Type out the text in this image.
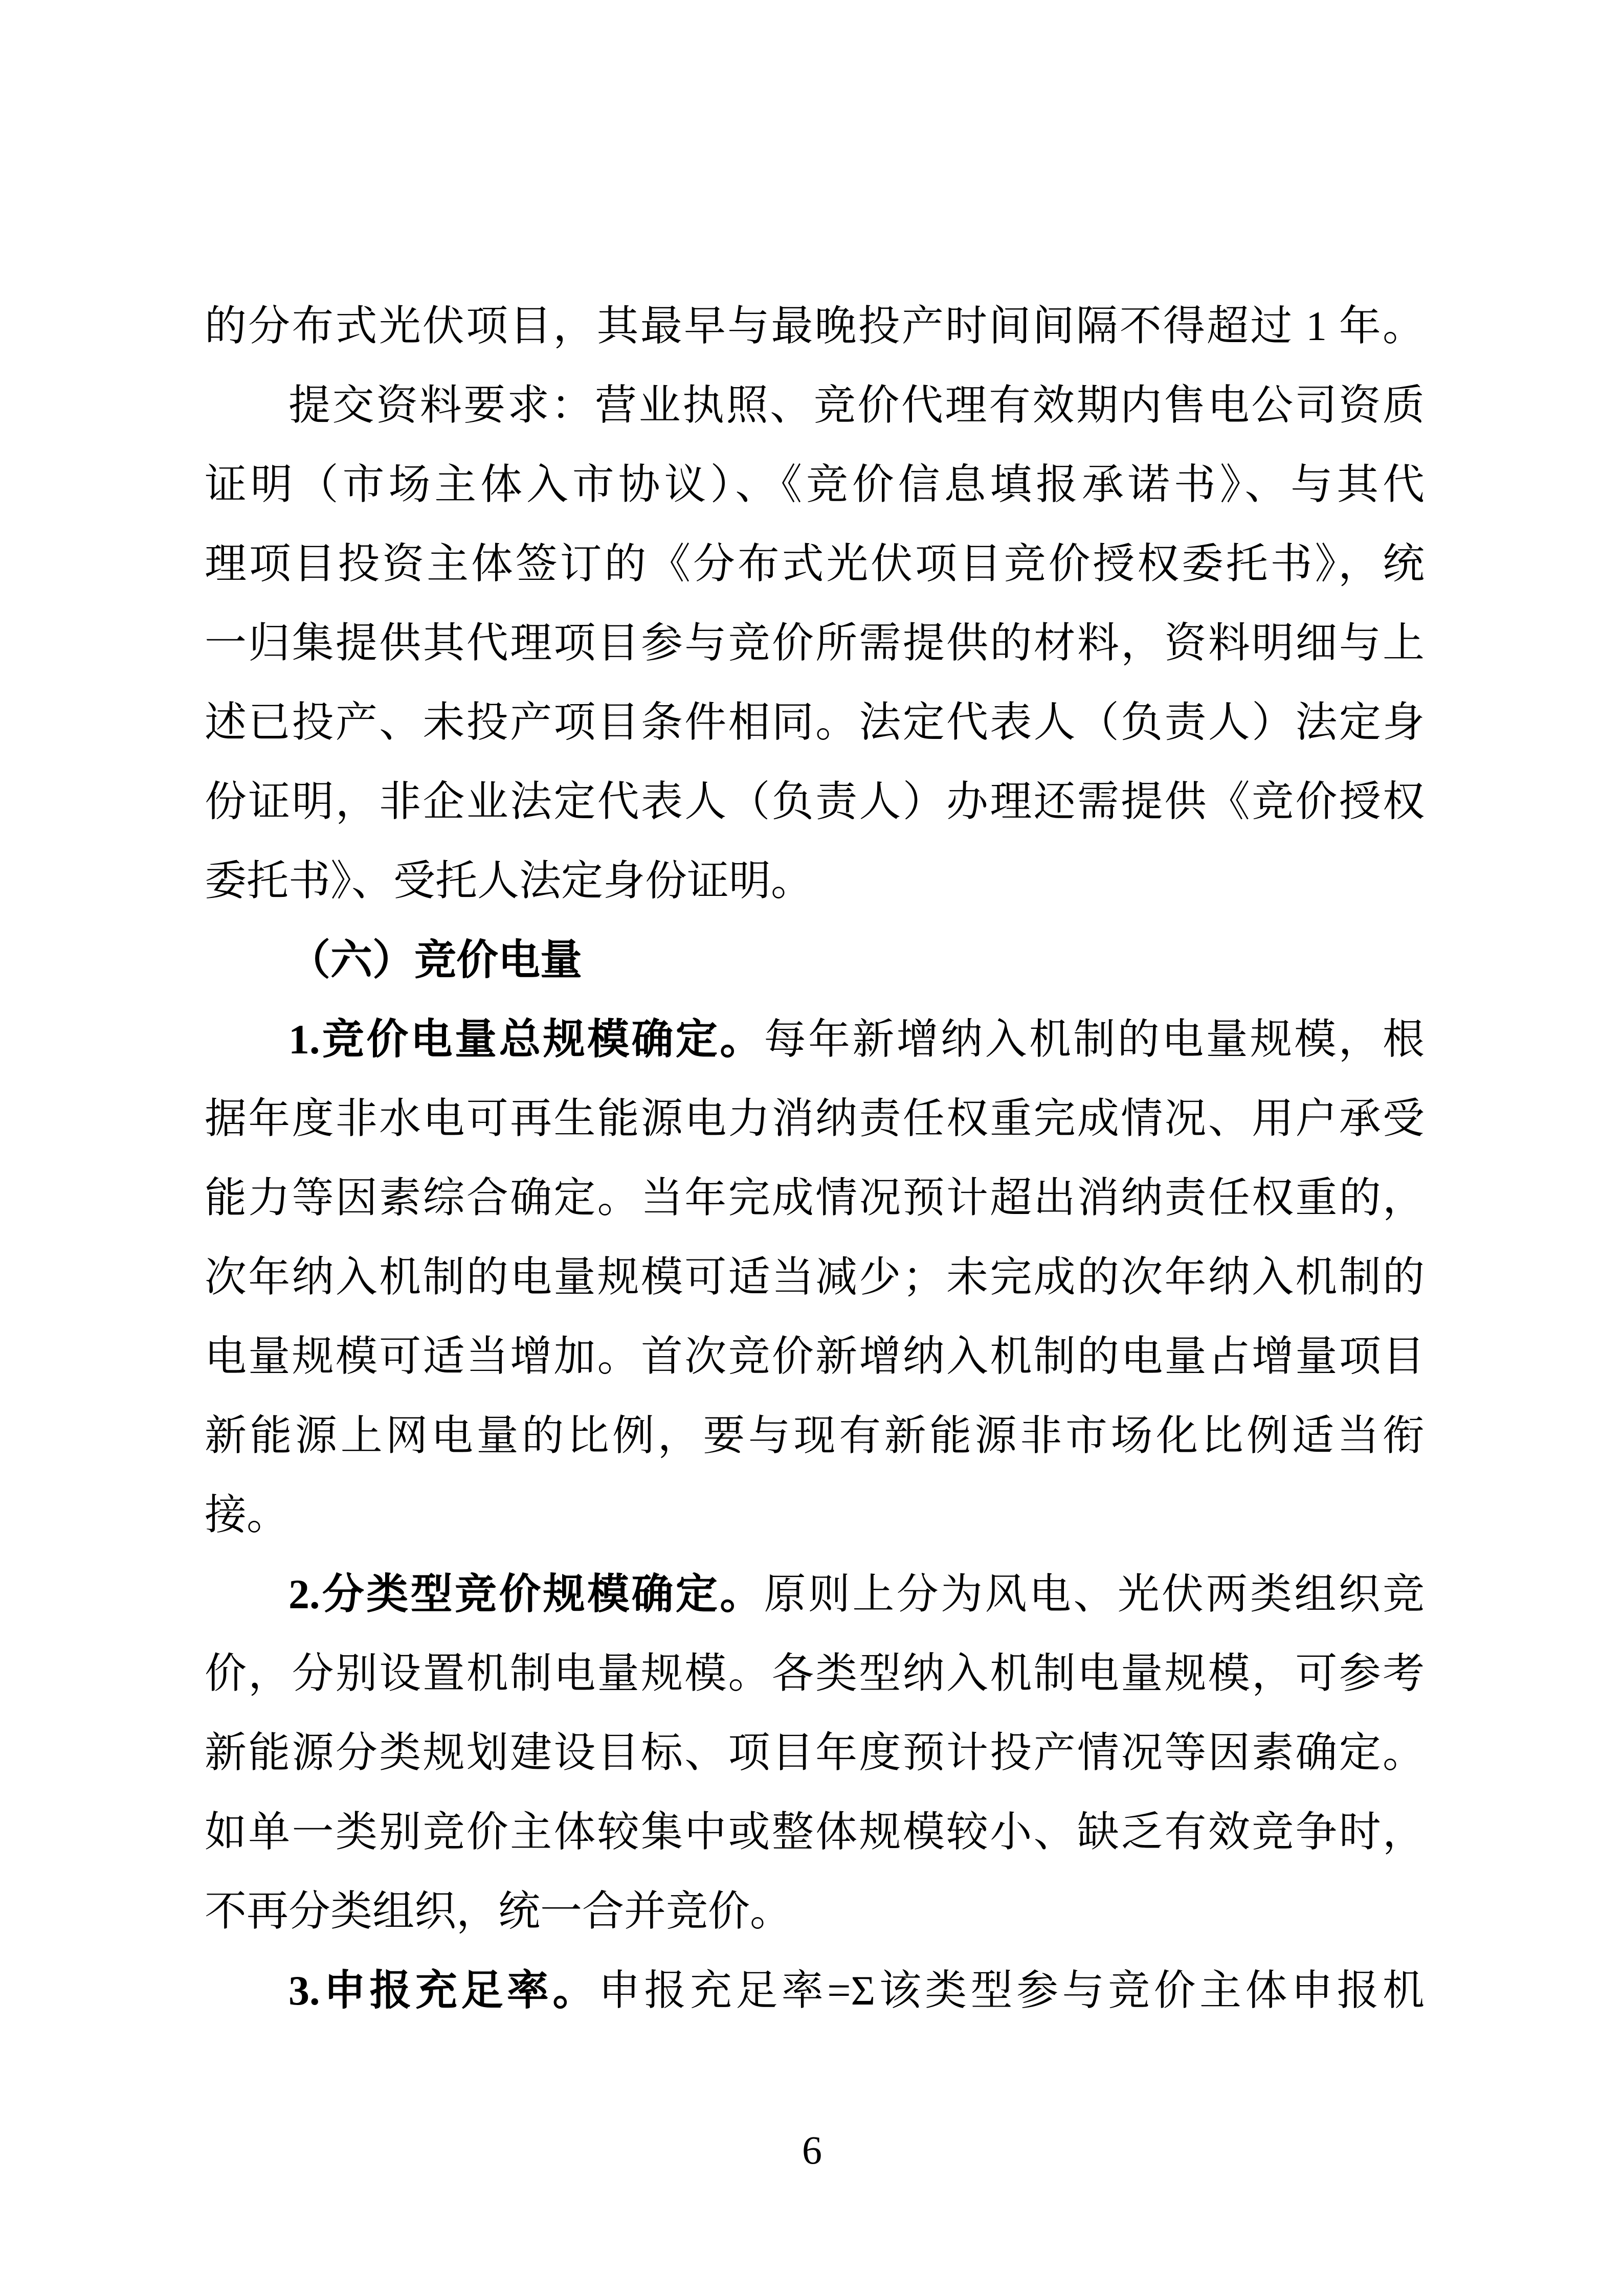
的分布式光伏项目，其最早与最晚投产时间间隔不得超过 1 年。
提交资料要求：营业执照、竞价代理有效期内售电公司资质
证明（市场主体入市协议）、《竞价信息填报承诺书》、与其代
理项目投资主体签订的《分布式光伏项目竞价授权委托书》，统
一归集提供其代理项目参与竞价所需提供的材料，资料明细与上
述已投产、未投产项目条件相同。法定代表人（负责人）法定身
份证明，非企业法定代表人（负责人）办理还需提供《竞价授权
委托书》、受托人法定身份证明。
（六）竞价电量
1.竞价电量总规模确定。每年新增纳入机制的电量规模，根
据年度非水电可再生能源电力消纳责任权重完成情况、用户承受
能力等因素综合确定。当年完成情况预计超出消纳责任权重的，
次年纳入机制的电量规模可适当减少；未完成的次年纳入机制的
电量规模可适当增加。首次竞价新增纳入机制的电量占增量项目
新能源上网电量的比例，要与现有新能源非市场化比例适当衔
接。
2.分类型竞价规模确定。原则上分为风电、光伏两类组织竞
价，分别设置机制电量规模。各类型纳入机制电量规模，可参考
新能源分类规划建设目标、项目年度预计投产情况等因素确定。
如单一类别竞价主体较集中或整体规模较小、缺乏有效竞争时，
不再分类组织，统一合并竞价。
3.申报充足率。申报充足率=Σ该类型参与竞价主体申报机
6
